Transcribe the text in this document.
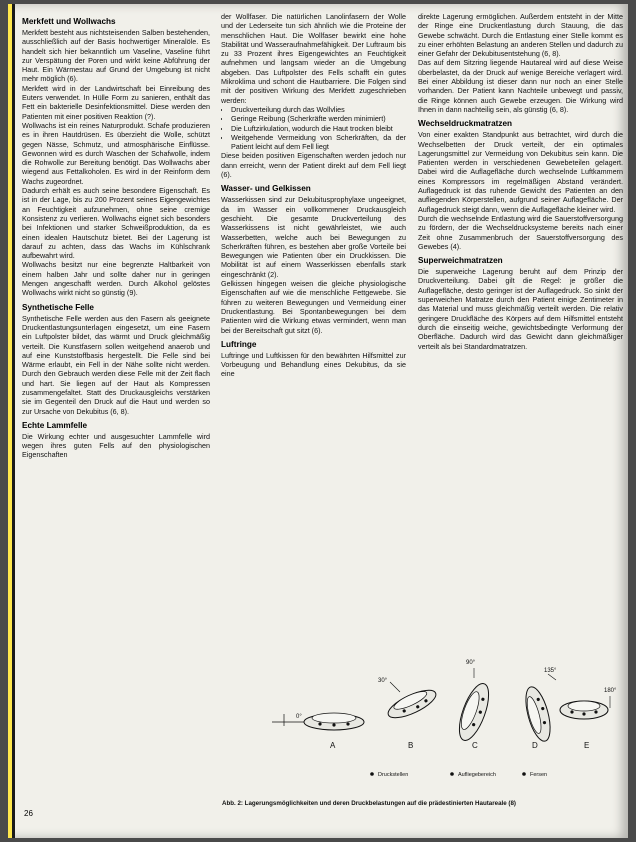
Merkfett und Wollwachs

Merkfett besteht aus nichtsteisenden Salben bestehenden, ausschließlich auf der Basis hochwertiger Mineralöle. Es handelt sich hier bekanntlich um Vaseline, Vaseline führt zur Verspätung der Poren und wirkt keine Abführung der Haut. Ein Wärmestau auf Grund der Umgebung ist nicht mehr möglich (6).

Merkfett wird in der Landwirtschaft bei Einreibung des Euters verwendet. In Hülle Form zu sanieren, enthält das Fett ein bakterielle Desinfektionsmittel. Diese werden den Patienten mit einer positiven Reaktion (?).

Wollwachs ist ein reines Naturprodukt. Schafe produzieren es in ihren Hautdrüsen. Es überzieht die Wolle, schützt gegen Nässe, Schmutz, und atmosphärische Einflüsse. Gewonnen wird es durch Waschen der Schafwolle, indem die Rohwolle zur Bereitung benötigt. Das Wollwachs aber wiegend aus Fettalkoholen. Es wird in der Reinform dem Wachs zugeordnet.

Dadurch erhält es auch seine besondere Eigenschaft. Es ist in der Lage, bis zu 200 Prozent seines Eigengewichtes an Feuchtigkeit aufzunehmen, ohne seine cremige Konsistenz zu verlieren. Wollwachs eignet sich besonders bei Infektionen und starker Schweißproduktion, da es einen idealen Hautschutz bietet. Bei der Lagerung ist darauf zu achten, dass das Wachs im Kühlschrank aufbewahrt wird.

Wollwachs besitzt nur eine begrenzte Haltbarkeit von einem halben Jahr und sollte daher nur in geringen Mengen angeschafft werden. Durch Alkohol gelöstes Wollwachs wirkt nicht so günstig (9).

Synthetische Felle

Synthetische Felle werden aus den Fasern als geeignete Druckentlastungsunterlagen eingesetzt, um eine Fasern ein Luftpolster bildet, das wärmt und Druck gleichmäßig verteilt. Die Kunstfasern sollen weitgehend anaerob und auf eine Kunststoffbasis hergestellt. Die Felle sind bei Wärme erlaubt, ein Fell in der Nähe sollte nicht werden. Durch den Gebrauch werden diese Felle mit der Zeit flach und hart. Sie liegen auf der Haut als Kompressen zusammengefaltet. Statt des Druckausgleichs verstärken sie im Gegenteil den Druck auf die Haut und werden so zur Ursache von Dekubitus (6, 8).

Echte Lammfelle

Die Wirkung echter und ausgesuchter Lammfelle wird wegen ihres guten Fells auf den physiologischen Eigenschaften

der Wollfaser. Die natürlichen Lanolinfasern der Wolle und der Lederseite tun sich ähnlich wie die Proteine der menschlichen Haut. Die Wollfaser bewirkt eine hohe Stabilität und Wasseraufnahmefähigkeit. Der Luftraum bis zu 33 Prozent ihres Eigengewichtes an Feuchtigkeit aufnehmen und langsam wieder an die Umgebung abgeben. Das Luftpolster des Fells schafft ein gutes Mikroklima und schont die Hautbarriere. Die Folgen sind mit der positiven Wirkung des Merkfett zugeschrieben werden:

• Druckverteilung durch das Wollvlies
• Geringe Reibung (Scherkräfte werden minimiert)
• Die Luftzirkulation, wodurch die Haut trocken bleibt
• Weitgehende Vermeidung von Scherkräften, da der Patient leicht auf dem Fell liegt

Diese beiden positiven Eigenschaften werden jedoch nur dann erreicht, wenn der Patient direkt auf dem Fell liegt (6).

Wasser- und Gelkissen

Wasserkissen sind zur Dekubitusprophylaxe ungeeignet, da im Wasser ein vollkommener Druckausgleich geschieht. Die gesamte Druckverteilung des Wasserkissens ist nicht gewährleistet, wie auch Wasserbetten, welche auch bei Bewegungen zu Scherkräften führen, es bestehen aber große Vorteile bei Bewegungen wie Patienten über ein Druckkissen. Die Mobilität ist auf einem Wasserkissen ebenfalls stark eingeschränkt (2).

Gelkissen hingegen weisen die gleiche physiologische Eigenschaften auf wie die menschliche Fettgewebe. Sie führen zu weiteren Bewegungen und Vermeidung einer Druckentlastung. Bei Spontanbewegungen bei dem Patienten wird die Wirkung etwas vermindert, wenn man bei der Bereitschaft gut sitzt (6).

Luftringe

Luftringe und Luftkissen für den bewährten Hilfsmittel zur Vorbeugung und Behandlung eines Dekubitus, da sie eine

direkte Lagerung ermöglichen. Außerdem entsteht in der Mitte der Ringe eine Druckentlastung durch Stauung, die das Gewebe schwächt. Durch die Entlastung einer Stelle kommt es zu einer erhöhten Belastung an anderen Stellen und dadurch zu einer Gefahr der Dekubitusentstehung (6, 8).

Das auf dem Sitzring liegende Hautareal wird auf diese Weise überbelastet, da der Druck auf wenige Bereiche verlagert wird. Bei einer Abbildung ist dieser dann nur noch an einer Stelle vorhanden. Der Patient kann Nachteile unbewegt und passiv, die Ringe können auch Gewebe erzeugen. Die Wirkung wird Ihnen in dann nachteilig sein, als günstig (6, 8).

Wechseldruckmatratzen

Von einer exakten Standpunkt aus betrachtet, wird durch die Wechselbetten der Druck verteilt, der ein optimales Lagerungsmittel zur Vermeidung von Dekubitus sein kann. Die Patienten werden in verschiedenen Gewebeteilen gelagert. Dabei wird die Auflagefläche durch wechselnde Luftkammern eines Kompressors im regelmäßigen Abstand verändert. Auflagedruck ist das ruhende Gewicht des Patienten an den aufliegenden Körperstellen, aufgrund seiner Auflagefläche. Der Auflagedruck steigt dann, wenn die Auflagefläche kleiner wird.

Durch die wechselnde Entlastung wird die Sauerstoffversorgung zu fördern, der die Wechseldrucksysteme bereits nach einer Zeit ohne Zusammenbruch der Sauerstoffversorgung des Gewebes (4).

Superweichmatratzen

Die superweiche Lagerung beruht auf dem Prinzip der Druckverteilung. Dabei gilt die Regel: je größer die Auflagefläche, desto geringer ist der Auflagedruck. So sinkt der superweichen Matratze durch den Patient einige Zentimeter in das Material und muss gleichmäßig verteilt werden. Die relativ geringere Druckfläche des Körpers auf dem Hilfsmittel entsteht durch die einseitig weiche, gewichtsbedingte Verformung der Oberfläche. Dadurch wird das Gewicht dann gleichmäßiger verteilt als bei Standardmatratzen.

0°
30°
90°
135°
180°
A	B	C	D	E
Druckstellen	Aufliegebereich	Fersen
Abb. 2: Lagerungsmöglichkeiten und deren Druckbelastungen auf die prädestinierten Hautareale (8)
26
